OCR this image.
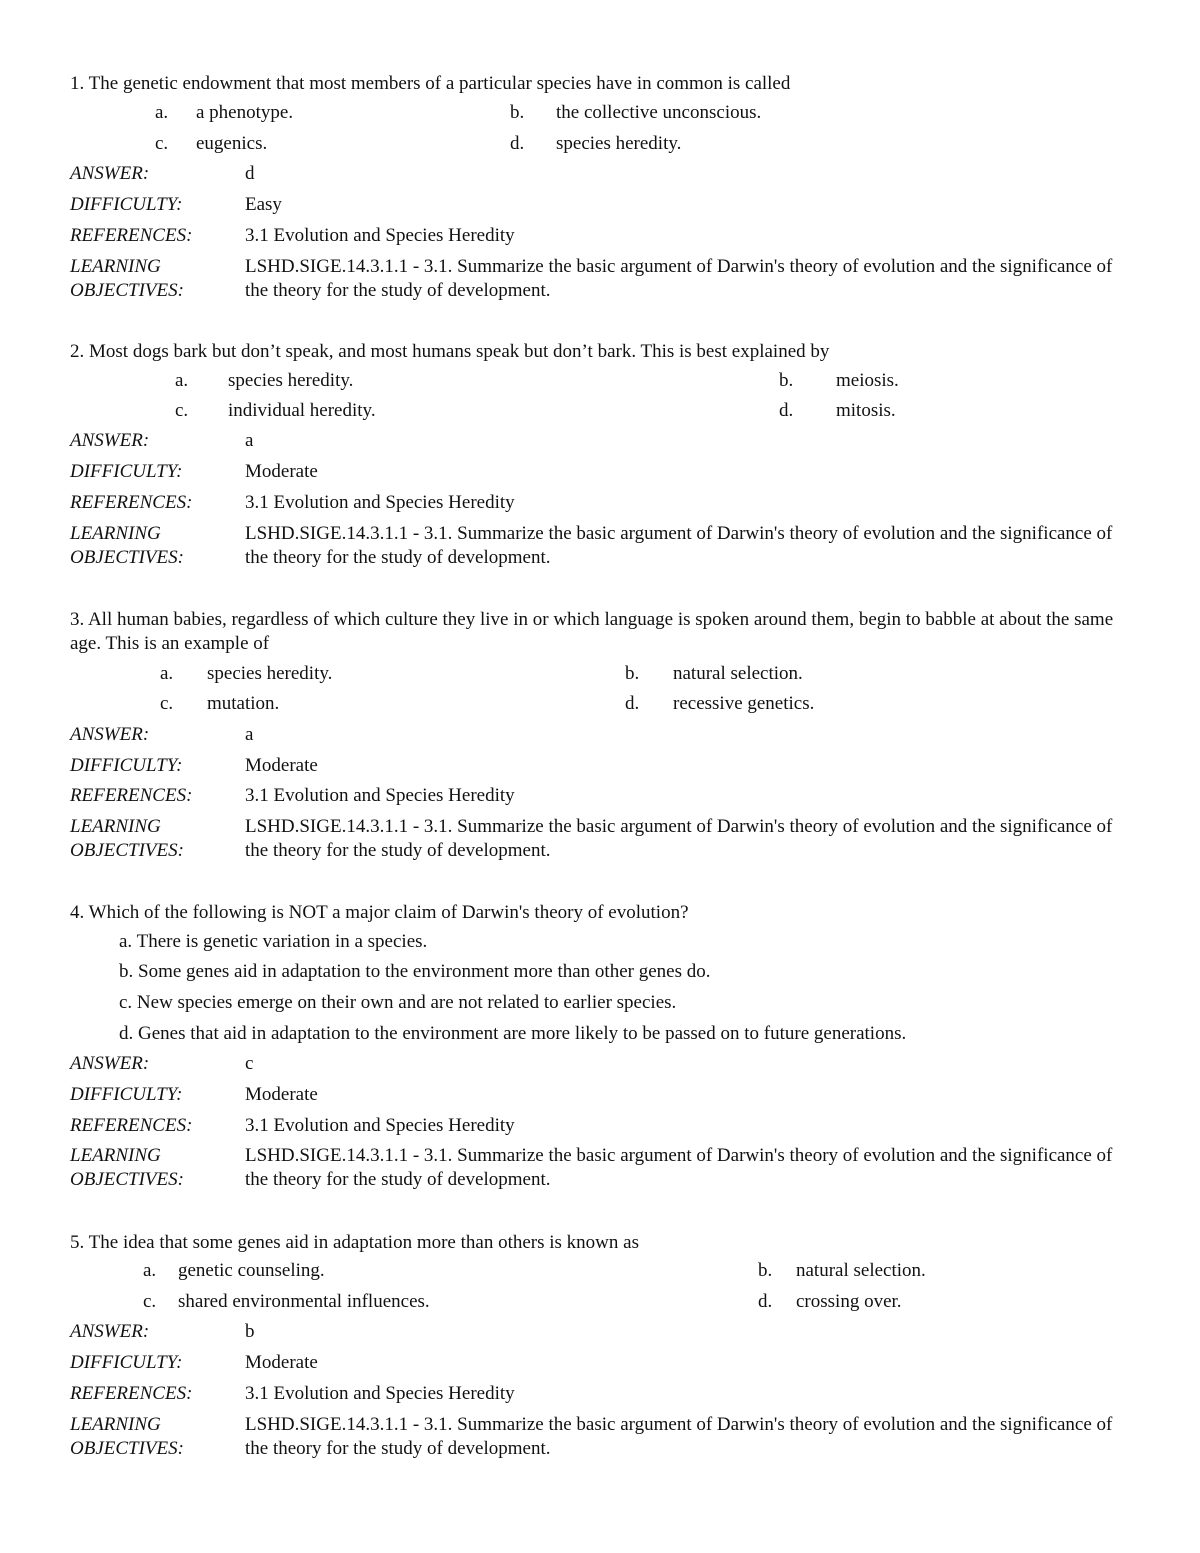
1. The genetic endowment that most members of a particular species have in common is called

a. a phenotype.	b. the collective unconscious.
c. eugenics.	d. species heredity.
ANSWER:	d
DIFFICULTY:	Easy
REFERENCES:	3.1 Evolution and Species Heredity
LEARNING OBJECTIVES:
LSHD.SIGE.14.3.1.1 - 3.1. Summarize the basic argument of Darwin's theory of evolution and the significance of the theory for the study of development.

2. Most dogs bark but don’t speak, and most humans speak but don’t bark. This is best explained by

a. species heredity.	b. meiosis.
c. individual heredity.	d. mitosis.
ANSWER:	a
DIFFICULTY:	Moderate
REFERENCES:	3.1 Evolution and Species Heredity
LEARNING OBJECTIVES:
LSHD.SIGE.14.3.1.1 - 3.1. Summarize the basic argument of Darwin's theory of evolution and the significance of the theory for the study of development.

3. All human babies, regardless of which culture they live in or which language is spoken around them, begin to babble at about the same age. This is an example of

a. species heredity.	b. natural selection.
c. mutation.	d. recessive genetics.
ANSWER:	a
DIFFICULTY:	Moderate
REFERENCES:	3.1 Evolution and Species Heredity
LEARNING OBJECTIVES:
LSHD.SIGE.14.3.1.1 - 3.1. Summarize the basic argument of Darwin's theory of evolution and the significance of the theory for the study of development.

4. Which of the following is NOT a major claim of Darwin's theory of evolution?

a. There is genetic variation in a species.
b. Some genes aid in adaptation to the environment more than other genes do.
c. New species emerge on their own and are not related to earlier species.
d. Genes that aid in adaptation to the environment are more likely to be passed on to future generations.
ANSWER:	c
DIFFICULTY:	Moderate
REFERENCES:	3.1 Evolution and Species Heredity
LEARNING OBJECTIVES:
LSHD.SIGE.14.3.1.1 - 3.1. Summarize the basic argument of Darwin's theory of evolution and the significance of the theory for the study of development.

5. The idea that some genes aid in adaptation more than others is known as

a. genetic counseling.	b. natural selection.
c. shared environmental influences.	d. crossing over.
ANSWER:	b
DIFFICULTY:	Moderate
REFERENCES:	3.1 Evolution and Species Heredity
LEARNING OBJECTIVES:
LSHD.SIGE.14.3.1.1 - 3.1. Summarize the basic argument of Darwin's theory of evolution and the significance of the theory for the study of development.
